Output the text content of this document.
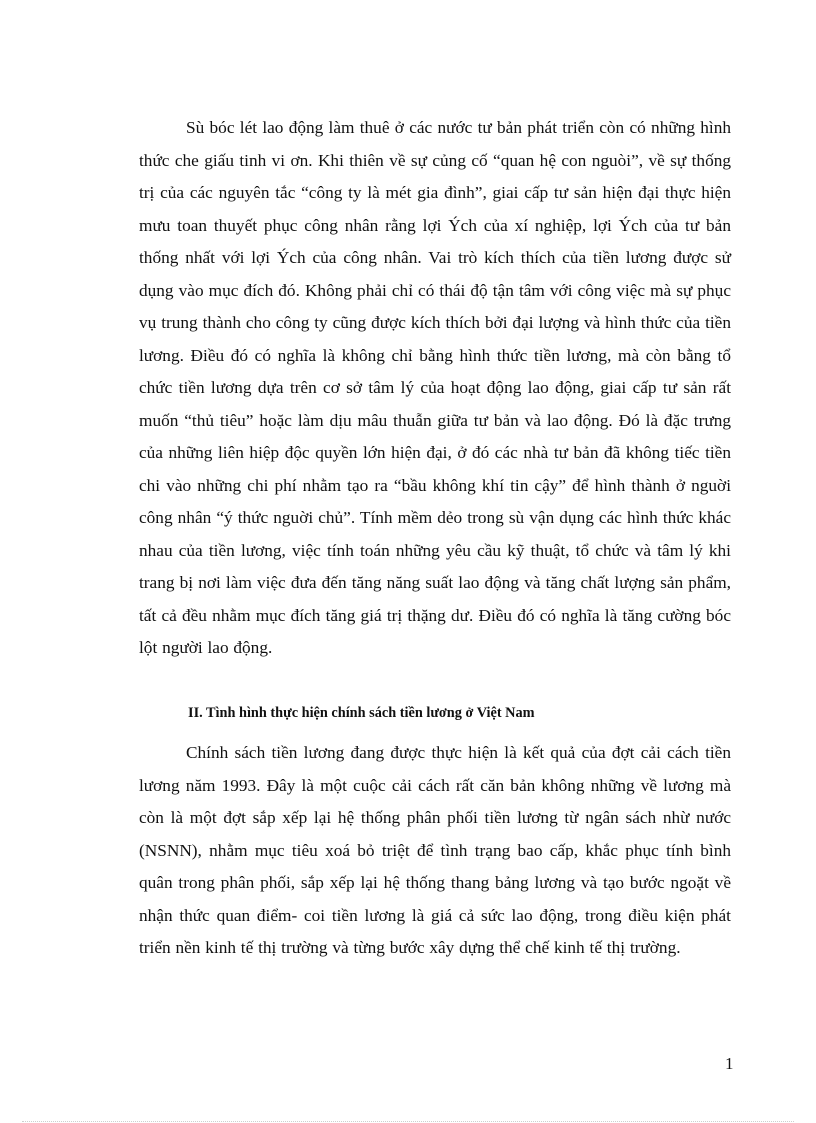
Sù bóc lét lao động làm thuê ở các nước tư bản phát triển còn có những hình thức che giấu tinh vi ơn. Khi thiên về sự củng cố “quan hệ con nguòi”, về sự thống trị của các nguyên tắc “công ty là mét gia đình”, giai cấp tư sản hiện đại thực hiện mưu toan thuyết phục công nhân rằng lợi Ých của xí nghiệp, lợi Ých của tư bản thống nhất với lợi Ých của công nhân. Vai trò kích thích của tiền lương được sử dụng vào mục đích đó. Không phải chỉ có thái độ tận tâm với công việc mà sự phục vụ trung thành cho công ty cũng được kích thích bởi đại lượng và hình thức của tiền lương. Điều đó có nghĩa là không chỉ bằng hình thức tiền lương, mà còn bằng tổ chức tiền lương dựa trên cơ sở tâm lý của hoạt động lao động, giai cấp tư sản rất muốn “thủ tiêu” hoặc làm dịu mâu thuẫn giữa tư bản và lao động. Đó là đặc trưng của những liên hiệp độc quyền lớn hiện đại, ở đó các nhà tư bản đã không tiếc tiền chi vào những chi phí nhằm tạo ra “bầu không khí tin cậy” để hình thành ở nguời công nhân “ý thức nguời chủ”. Tính mềm dẻo trong sù vận dụng các hình thức khác nhau của tiền lương, việc tính toán những yêu cầu kỹ thuật, tổ chức và tâm lý khi trang bị nơi làm việc đưa đến tăng năng suất lao động và tăng chất lượng sản phẩm, tất cả đều nhằm mục đích tăng giá trị thặng dư. Điều đó có nghĩa là tăng cường bóc lột người lao động.

II. Tình hình thực hiện chính sách tiền lương ở Việt Nam

Chính sách tiền lương đang được thực hiện là kết quả của đợt cải cách tiền lương năm 1993. Đây là một cuộc cải cách rất căn bản không những về lương mà còn là một đợt sắp xếp lại hệ thống phân phối tiền lương từ ngân sách nhừ nước (NSNN), nhằm mục tiêu xoá bỏ triệt để tình trạng bao cấp, khắc phục tính bình quân trong phân phối, sắp xếp lại hệ thống thang bảng lương và tạo bước ngoặt về nhận thức quan điểm- coi tiền lương là giá cả sức lao động, trong điều kiện phát triển nền kinh tế thị trường và từng bước xây dựng thể chế kinh tế thị trường.

1
